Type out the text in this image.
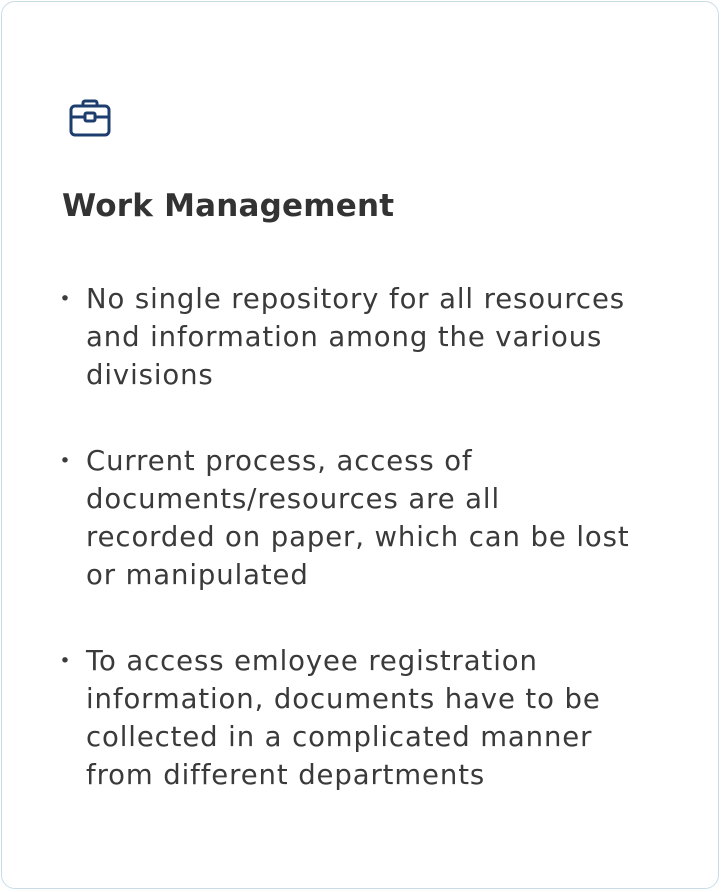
Work Management
• No single repository for all resources
and information among the various
divisions
• Current process, access of
documents/resources are all
recorded on paper, which can be lost
or manipulated
• To access emloyee registration
information, documents have to be
collected in a complicated manner
from different departments
